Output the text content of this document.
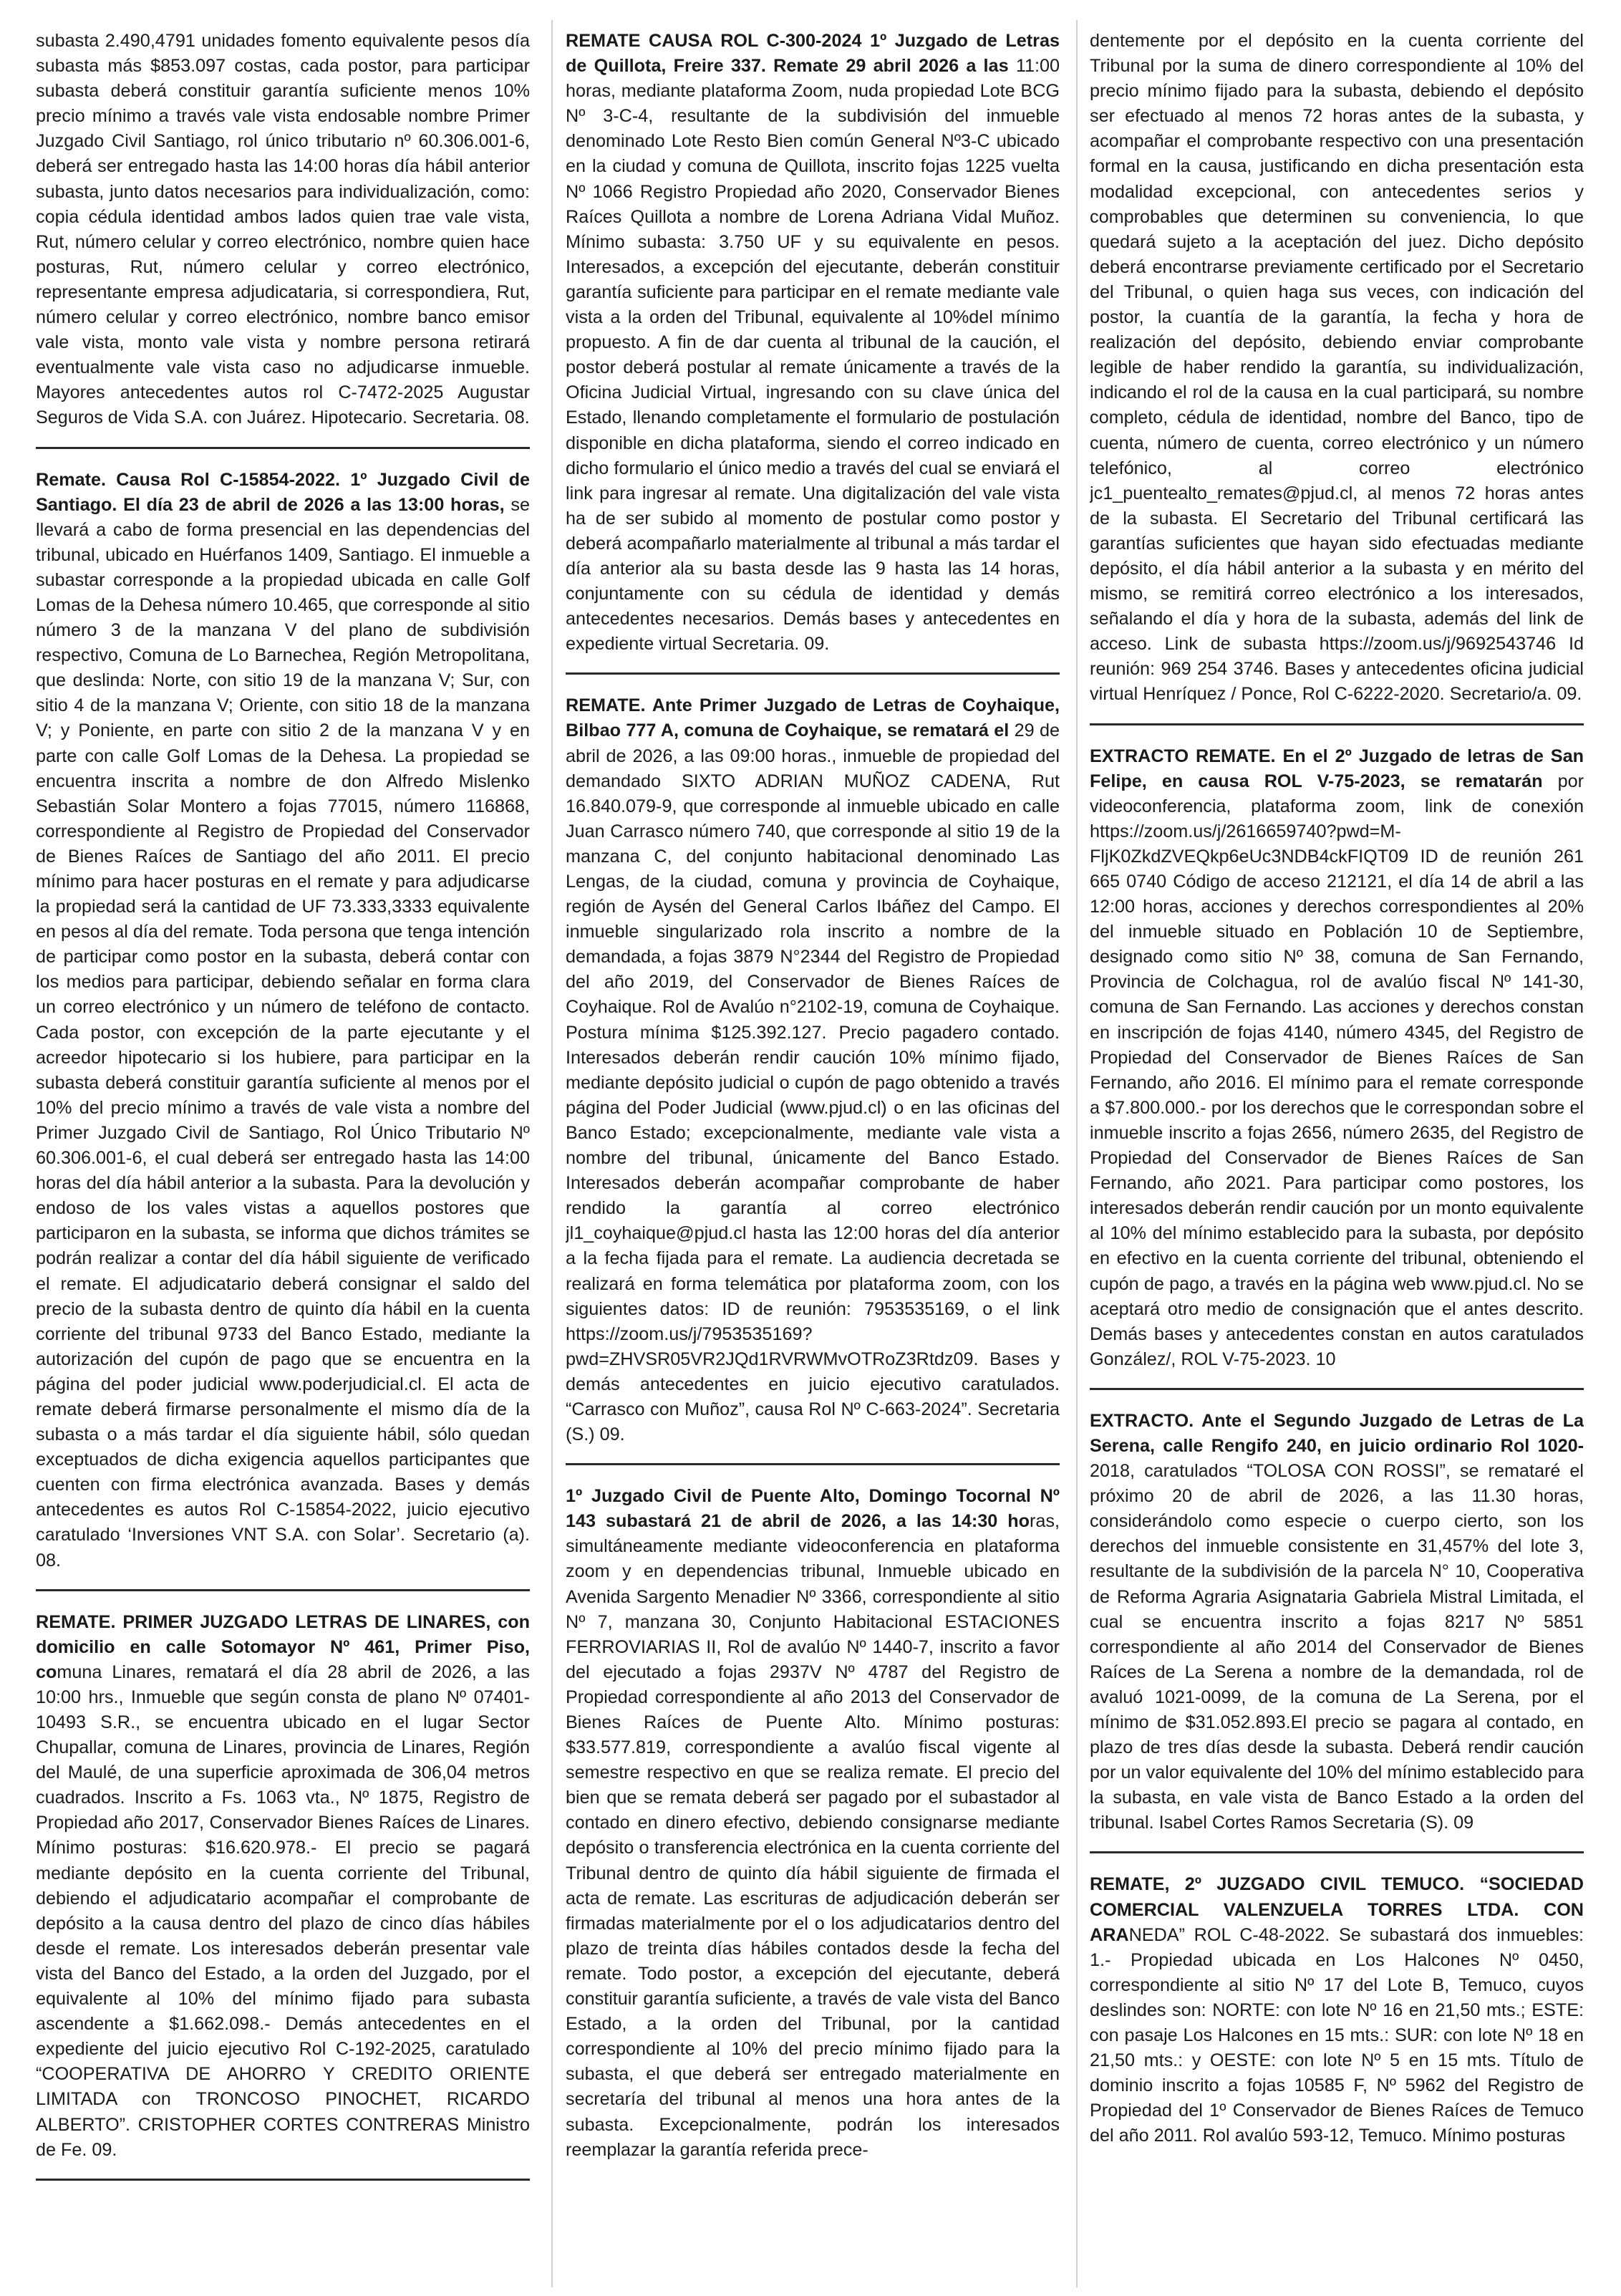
subasta 2.490,4791 unidades fomento equivalente pesos día subasta más $853.097 costas, cada postor, para participar subasta deberá constituir garantía suficiente menos 10% precio mínimo a través vale vista endosable nombre Primer Juzgado Civil Santiago, rol único tributario nº 60.306.001-6, deberá ser entregado hasta las 14:00 horas día hábil anterior subasta, junto datos necesarios para individualización, como: copia cédula identidad ambos lados quien trae vale vista, Rut, número celular y correo electrónico, nombre quien hace posturas, Rut, número celular y correo electrónico, representante empresa adjudicataria, si correspondiera, Rut, número celular y correo electrónico, nombre banco emisor vale vista, monto vale vista y nombre persona retirará eventualmente vale vista caso no adjudicarse inmueble. Mayores antecedentes autos rol C-7472-2025 Augustar Seguros de Vida S.A. con Juárez. Hipotecario. Secretaria. 08.

Remate. Causa Rol C-15854-2022. 1º Juzgado Civil de Santiago. El día 23 de abril de 2026 a las 13:00 horas, se llevará a cabo de forma presencial en las dependencias del tribunal, ubicado en Huérfanos 1409, Santiago. El inmueble a subastar corresponde a la propiedad ubicada en calle Golf Lomas de la Dehesa número 10.465, que corresponde al sitio número 3 de la manzana V del plano de subdivisión respectivo, Comuna de Lo Barnechea, Región Metropolitana, que deslinda: Norte, con sitio 19 de la manzana V; Sur, con sitio 4 de la manzana V; Oriente, con sitio 18 de la manzana V; y Poniente, en parte con sitio 2 de la manzana V y en parte con calle Golf Lomas de la Dehesa. La propiedad se encuentra inscrita a nombre de don Alfredo Mislenko Sebastián Solar Montero a fojas 77015, número 116868, correspondiente al Registro de Propiedad del Conservador de Bienes Raíces de Santiago del año 2011. El precio mínimo para hacer posturas en el remate y para adjudicarse la propiedad será la cantidad de UF 73.333,3333 equivalente en pesos al día del remate. Toda persona que tenga intención de participar como postor en la subasta, deberá contar con los medios para participar, debiendo señalar en forma clara un correo electrónico y un número de teléfono de contacto. Cada postor, con excepción de la parte ejecutante y el acreedor hipotecario si los hubiere, para participar en la subasta deberá constituir garantía suficiente al menos por el 10% del precio mínimo a través de vale vista a nombre del Primer Juzgado Civil de Santiago, Rol Único Tributario Nº 60.306.001-6, el cual deberá ser entregado hasta las 14:00 horas del día hábil anterior a la subasta. Para la devolución y endoso de los vales vistas a aquellos postores que participaron en la subasta, se informa que dichos trámites se podrán realizar a contar del día hábil siguiente de verificado el remate. El adjudicatario deberá consignar el saldo del precio de la subasta dentro de quinto día hábil en la cuenta corriente del tribunal 9733 del Banco Estado, mediante la autorización del cupón de pago que se encuentra en la página del poder judicial www.poderjudicial.cl. El acta de remate deberá firmarse personalmente el mismo día de la subasta o a más tardar el día siguiente hábil, sólo quedan exceptuados de dicha exigencia aquellos participantes que cuenten con firma electrónica avanzada. Bases y demás antecedentes es autos Rol C-15854-2022, juicio ejecutivo caratulado ‘Inversiones VNT S.A. con Solar’. Secretario (a). 08.

REMATE. PRIMER JUZGADO LETRAS DE LINARES, con domicilio en calle Sotomayor Nº 461, Primer Piso, comuna Linares, rematará el día 28 abril de 2026, a las 10:00 hrs., Inmueble que según consta de plano Nº 07401-10493 S.R., se encuentra ubicado en el lugar Sector Chupallar, comuna de Linares, provincia de Linares, Región del Maulé, de una superficie aproximada de 306,04 metros cuadrados. Inscrito a Fs. 1063 vta., Nº 1875, Registro de Propiedad año 2017, Conservador Bienes Raíces de Linares. Mínimo posturas: $16.620.978.- El precio se pagará mediante depósito en la cuenta corriente del Tribunal, debiendo el adjudicatario acompañar el comprobante de depósito a la causa dentro del plazo de cinco días hábiles desde el remate. Los interesados deberán presentar vale vista del Banco del Estado, a la orden del Juzgado, por el equivalente al 10% del mínimo fijado para subasta ascendente a $1.662.098.- Demás antecedentes en el expediente del juicio ejecutivo Rol C-192-2025, caratulado “COOPERATIVA DE AHORRO Y CREDITO ORIENTE LIMITADA con TRONCOSO PINOCHET, RICARDO ALBERTO”. CRISTOPHER CORTES CONTRERAS Ministro de Fe. 09.

REMATE CAUSA ROL C-300-2024 1º Juzgado de Letras de Quillota, Freire 337. Remate 29 abril 2026 a las 11:00 horas, mediante plataforma Zoom, nuda propiedad Lote BCG Nº 3-C-4, resultante de la subdivisión del inmueble denominado Lote Resto Bien común General Nº3-C ubicado en la ciudad y comuna de Quillota, inscrito fojas 1225 vuelta Nº 1066 Registro Propiedad año 2020, Conservador Bienes Raíces Quillota a nombre de Lorena Adriana Vidal Muñoz. Mínimo subasta: 3.750 UF y su equivalente en pesos. Interesados, a excepción del ejecutante, deberán constituir garantía suficiente para participar en el remate mediante vale vista a la orden del Tribunal, equivalente al 10%del mínimo propuesto. A fin de dar cuenta al tribunal de la caución, el postor deberá postular al remate únicamente a través de la Oficina Judicial Virtual, ingresando con su clave única del Estado, llenando completamente el formulario de postulación disponible en dicha plataforma, siendo el correo indicado en dicho formulario el único medio a través del cual se enviará el link para ingresar al remate. Una digitalización del vale vista ha de ser subido al momento de postular como postor y deberá acompañarlo materialmente al tribunal a más tardar el día anterior ala su basta desde las 9 hasta las 14 horas, conjuntamente con su cédula de identidad y demás antecedentes necesarios. Demás bases y antecedentes en expediente virtual Secretaria. 09.

REMATE. Ante Primer Juzgado de Letras de Coyhaique, Bilbao 777 A, comuna de Coyhaique, se rematará el 29 de abril de 2026, a las 09:00 horas., inmueble de propiedad del demandado SIXTO ADRIAN MUÑOZ CADENA, Rut 16.840.079-9, que corresponde al inmueble ubicado en calle Juan Carrasco número 740, que corresponde al sitio 19 de la manzana C, del conjunto habitacional denominado Las Lengas, de la ciudad, comuna y provincia de Coyhaique, región de Aysén del General Carlos Ibáñez del Campo. El inmueble singularizado rola inscrito a nombre de la demandada, a fojas 3879 N°2344 del Registro de Propiedad del año 2019, del Conservador de Bienes Raíces de Coyhaique. Rol de Avalúo n°2102-19, comuna de Coyhaique. Postura mínima $125.392.127. Precio pagadero contado. Interesados deberán rendir caución 10% mínimo fijado, mediante depósito judicial o cupón de pago obtenido a través página del Poder Judicial (www.pjud.cl) o en las oficinas del Banco Estado; excepcionalmente, mediante vale vista a nombre del tribunal, únicamente del Banco Estado. Interesados deberán acompañar comprobante de haber rendido la garantía al correo electrónico jl1_coyhaique@pjud.cl hasta las 12:00 horas del día anterior a la fecha fijada para el remate. La audiencia decretada se realizará en forma telemática por plataforma zoom, con los siguientes datos: ID de reunión: 7953535169, o el link https://zoom.us/j/7953535169?pwd=ZHVSR05VR2JQd1RVRWMvOTRoZ3Rtdz09. Bases y demás antecedentes en juicio ejecutivo caratulados. “Carrasco con Muñoz”, causa Rol Nº C-663-2024”. Secretaria (S.) 09.

1º Juzgado Civil de Puente Alto, Domingo Tocornal Nº 143 subastará 21 de abril de 2026, a las 14:30 horas, simultáneamente mediante videoconferencia en plataforma zoom y en dependencias tribunal, Inmueble ubicado en Avenida Sargento Menadier Nº 3366, correspondiente al sitio Nº 7, manzana 30, Conjunto Habitacional ESTACIONES FERROVIARIAS II, Rol de avalúo Nº 1440-7, inscrito a favor del ejecutado a fojas 2937V Nº 4787 del Registro de Propiedad correspondiente al año 2013 del Conservador de Bienes Raíces de Puente Alto. Mínimo posturas: $33.577.819, correspondiente a avalúo fiscal vigente al semestre respectivo en que se realiza remate. El precio del bien que se remata deberá ser pagado por el subastador al contado en dinero efectivo, debiendo consignarse mediante depósito o transferencia electrónica en la cuenta corriente del Tribunal dentro de quinto día hábil siguiente de firmada el acta de remate. Las escrituras de adjudicación deberán ser firmadas materialmente por el o los adjudicatarios dentro del plazo de treinta días hábiles contados desde la fecha del remate. Todo postor, a excepción del ejecutante, deberá constituir garantía suficiente, a través de vale vista del Banco Estado, a la orden del Tribunal, por la cantidad correspondiente al 10% del precio mínimo fijado para la subasta, el que deberá ser entregado materialmente en secretaría del tribunal al menos una hora antes de la subasta. Excepcionalmente, podrán los interesados reemplazar la garantía referida prece-

dentemente por el depósito en la cuenta corriente del Tribunal por la suma de dinero correspondiente al 10% del precio mínimo fijado para la subasta, debiendo el depósito ser efectuado al menos 72 horas antes de la subasta, y acompañar el comprobante respectivo con una presentación formal en la causa, justificando en dicha presentación esta modalidad excepcional, con antecedentes serios y comprobables que determinen su conveniencia, lo que quedará sujeto a la aceptación del juez. Dicho depósito deberá encontrarse previamente certificado por el Secretario del Tribunal, o quien haga sus veces, con indicación del postor, la cuantía de la garantía, la fecha y hora de realización del depósito, debiendo enviar comprobante legible de haber rendido la garantía, su individualización, indicando el rol de la causa en la cual participará, su nombre completo, cédula de identidad, nombre del Banco, tipo de cuenta, número de cuenta, correo electrónico y un número telefónico, al correo electrónico jc1_puentealto_remates@pjud.cl, al menos 72 horas antes de la subasta. El Secretario del Tribunal certificará las garantías suficientes que hayan sido efectuadas mediante depósito, el día hábil anterior a la subasta y en mérito del mismo, se remitirá correo electrónico a los interesados, señalando el día y hora de la subasta, además del link de acceso. Link de subasta https://zoom.us/j/9692543746 Id reunión: 969 254 3746. Bases y antecedentes oficina judicial virtual Henríquez / Ponce, Rol C-6222-2020. Secretario/a. 09.

EXTRACTO REMATE. En el 2º Juzgado de letras de San Felipe, en causa ROL V-75-2023, se rematarán por videoconferencia, plataforma zoom, link de conexión https://zoom.us/j/2616659740?pwd=M-FljK0ZkdZVEQkp6eUc3NDB4ckFIQT09 ID de reunión 261 665 0740 Código de acceso 212121, el día 14 de abril a las 12:00 horas, acciones y derechos correspondientes al 20% del inmueble situado en Población 10 de Septiembre, designado como sitio Nº 38, comuna de San Fernando, Provincia de Colchagua, rol de avalúo fiscal Nº 141-30, comuna de San Fernando. Las acciones y derechos constan en inscripción de fojas 4140, número 4345, del Registro de Propiedad del Conservador de Bienes Raíces de San Fernando, año 2016. El mínimo para el remate corresponde a $7.800.000.- por los derechos que le correspondan sobre el inmueble inscrito a fojas 2656, número 2635, del Registro de Propiedad del Conservador de Bienes Raíces de San Fernando, año 2021. Para participar como postores, los interesados deberán rendir caución por un monto equivalente al 10% del mínimo establecido para la subasta, por depósito en efectivo en la cuenta corriente del tribunal, obteniendo el cupón de pago, a través en la página web www.pjud.cl. No se aceptará otro medio de consignación que el antes descrito. Demás bases y antecedentes constan en autos caratulados González/, ROL V-75-2023. 10

EXTRACTO. Ante el Segundo Juzgado de Letras de La Serena, calle Rengifo 240, en juicio ordinario Rol 1020-2018, caratulados “TOLOSA CON ROSSI”, se remataré el próximo 20 de abril de 2026, a las 11.30 horas, considerándolo como especie o cuerpo cierto, son los derechos del inmueble consistente en 31,457% del lote 3, resultante de la subdivisión de la parcela N° 10, Cooperativa de Reforma Agraria Asignataria Gabriela Mistral Limitada, el cual se encuentra inscrito a fojas 8217 Nº 5851 correspondiente al año 2014 del Conservador de Bienes Raíces de La Serena a nombre de la demandada, rol de avaluó 1021-0099, de la comuna de La Serena, por el mínimo de $31.052.893.El precio se pagara al contado, en plazo de tres días desde la subasta. Deberá rendir caución por un valor equivalente del 10% del mínimo establecido para la subasta, en vale vista de Banco Estado a la orden del tribunal. Isabel Cortes Ramos Secretaria (S). 09

REMATE, 2º JUZGADO CIVIL TEMUCO. “SOCIEDAD COMERCIAL VALENZUELA TORRES LTDA. CON ARANEDA” ROL C-48-2022. Se subastará dos inmuebles: 1.- Propiedad ubicada en Los Halcones Nº 0450, correspondiente al sitio Nº 17 del Lote B, Temuco, cuyos deslindes son: NORTE: con lote Nº 16 en 21,50 mts.; ESTE: con pasaje Los Halcones en 15 mts.: SUR: con lote Nº 18 en 21,50 mts.: y OESTE: con lote Nº 5 en 15 mts. Título de dominio inscrito a fojas 10585 F, Nº 5962 del Registro de Propiedad del 1º Conservador de Bienes Raíces de Temuco del año 2011. Rol avalúo 593-12, Temuco. Mínimo posturas
